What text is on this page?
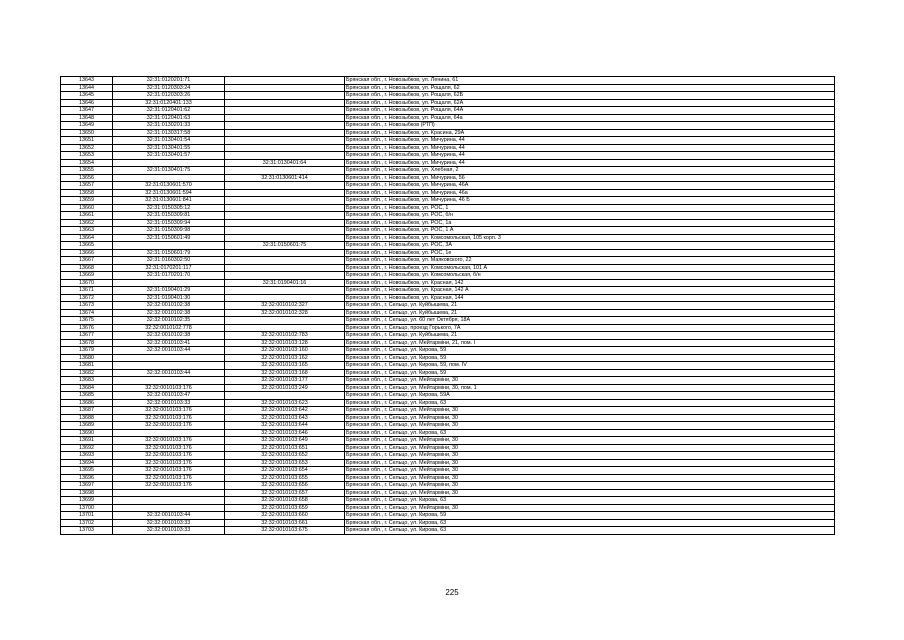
13643	32:31:0120201:71		Брянская обл., г. Новозыбков, ул. Ленина, 61
13644	32:31:0120303:24		Брянская обл., г. Новозыбков, ул. Рощаля, 62
13645	32:31:0120303:26		Брянская обл., г. Новозыбков, ул. Рощаля, 62Б
13646	32:31:0120401:133		Брянская обл., г. Новозыбков, ул. Рощаля, 62А
13647	32:31:0120401:62		Брянская обл., г. Новозыбков, ул. Рощаля, 64А
13648	32:31:0120401:63		Брянская обл., г. Новозыбков, ул. Рощаля, 64а
13649	32:31:0130201:33		Брянская обл., г. Новозыбков (РТП)
13650	32:31:0130317:58		Брянская обл., г. Новозыбков, ул. Красина, 29А
13651	32:31:0130401:54		Брянская обл., г. Новозыбков, ул. Мичурина, 44
13652	32:31:0130401:55		Брянская обл., г. Новозыбков, ул. Мичурина, 44
13653	32:31:0130401:57		Брянская обл., г. Новозыбков, ул. Мичурина, 44
13654		32:31:0130401:64	Брянская обл., г. Новозыбков, ул. Мичурина, 44
13655	32:31:0130401:75		Брянская обл., г. Новозыбков, ул. Хлебная, 2
13656		32:31:0130601:414	Брянская обл., г. Новозыбков, ул. Мичурина, 56
13657	32:31:0130601:570		Брянская обл., г. Новозыбков, ул. Мичурина, 46А
13658	32:31:0130601:594		Брянская обл., г. Новозыбков, ул. Мичурина, 46а
13659	32:31:0130601:841		Брянская обл., г. Новозыбков, ул. Мичурина, 46 Б
13660	32:31:0150305:12		Брянская обл., г. Новозыбков, ул. РОС, 1
13661	32:31:0150309:81		Брянская обл., г. Новозыбков, ул. РОС, б/н
13662	32:31:0150309:94		Брянская обл., г. Новозыбков, ул. РОС, 1а
13663	32:31:0150309:98		Брянская обл., г. Новозыбков, ул. РОС, 1 А
13664	32:31:0150601:49		Брянская обл., г. Новозыбков, ул. Комсомольская, 105 корп. 3
13665		32:31:0150601:75	Брянская обл., г. Новозыбков, ул. РОС, 3А
13666	32:31:0150601:79		Брянская обл., г. Новозыбков, ул. РОС, 1е
13667	32:31:0160302:50		Брянская обл., г. Новозыбков, ул. Маяковского, 22
13668	32:31:0170201:117		Брянская обл., г. Новозыбков, ул. Комсомольская, 101 А
13669	32:31:0170201:70		Брянская обл., г. Новозыбков, ул. Комсомольская, б/н
13670		32:31:0190401:16	Брянская обл., г. Новозыбков, ул. Красная, 142
13671	32:31:0190401:29		Брянская обл., г. Новозыбков, ул. Красная, 142 А
13672	32:31:0190401:30		Брянская обл., г. Новозыбков, ул. Красная, 144
13673	32:32:0010102:38	32:32:0010102:327	Брянская обл., г. Сельцо, ул. Куйбышева, 21
13674	32:32:0010102:38	32:32:0010102:328	Брянская обл., г. Сельцо, ул. Куйбышева, 21
13675	32:32:0010102:35		Брянская обл., г. Сельцо, ул. 60 лет Октября, 18А
13676	32:32:0010102:778		Брянская обл., г. Сельцо, проезд Горького, 7А
13677	32:32:0010102:38	32:32:0010102:783	Брянская обл., г. Сельцо, ул. Куйбышева, 21
13678	32:32:0010103:41	32:32:0010103:128	Брянская обл., г. Сельцо, ул. Мейтарміни, 21, пом. I
13679	32:32:0010103:44	32:32:0010103:160	Брянская обл., г. Сельцо, ул. Кирова, 59
13680		32:32:0010103:162	Брянская обл., г. Сельцо, ул. Кирова, 59
13681		32:32:0010103:165	Брянская обл., г. Сельцо, ул. Кирова, 59, пом. IV
13682	32:32:0010103:44	32:32:0010103:168	Брянская обл., г. Сельцо, ул. Кирова, 59
13683		32:32:0010103:177	Брянская обл., г. Сельцо, ул. Мейтарміни, 30
13684	32:32:0010103:176	32:32:0010103:249	Брянская обл., г. Сельцо, ул. Мейтарміни, 30, пом. 1
13685	32:32:0010103:47		Брянская обл., г. Сельцо, ул. Кирова, 59А
13686	32:32:0010103:33	32:32:0010103:623	Брянская обл., г. Сельцо, ул. Кирова, 63
13687	32:32:0010103:176	32:32:0010103:642	Брянская обл., г. Сельцо, ул. Мейтарміни, 30
13688	32:32:0010103:176	32:32:0010103:643	Брянская обл., г. Сельцо, ул. Мейтарміни, 30
13689	32:32:0010103:176	32:32:0010103:644	Брянская обл., г. Сельцо, ул. Мейтарміни, 30
13690		32:32:0010103:646	Брянская обл., г. Сельцо, ул. Кирова, 63
13691	32:32:0010103:176	32:32:0010103:649	Брянская обл., г. Сельцо, ул. Мейтарміни, 30
13692	32:32:0010103:176	32:32:0010103:651	Брянская обл., г. Сельцо, ул. Мейтарміни, 30
13693	32:32:0010103:176	32:32:0010103:652	Брянская обл., г. Сельцо, ул. Мейтарміни, 30
13694	32:32:0010103:176	32:32:0010103:653	Брянская обл., г. Сельцо, ул. Мейтарміни, 30
13695	32:32:0010103:176	32:32:0010103:654	Брянская обл., г. Сельцо, ул. Мейтарміни, 30
13696	32:32:0010103:176	32:32:0010103:655	Брянская обл., г. Сельцо, ул. Мейтарміни, 30
13697	32:32:0010103:176	32:32:0010103:656	Брянская обл., г. Сельцо, ул. Мейтарміни, 30
13698		32:32:0010103:657	Брянская обл., г. Сельцо, ул. Мейтарміни, 30
13699		32:32:0010103:658	Брянская обл., г. Сельцо, ул. Кирова, 63
13700		32:32:0010103:659	Брянская обл., г. Сельцо, ул. Мейтарміни, 30
13701	32:32:0010103:44	32:32:0010103:660	Брянская обл., г. Сельцо, ул. Кирова, 59
13702	32:32:0010103:33	32:32:0010103:661	Брянская обл., г. Сельцо, ул. Кирова, 63
13703	32:32:0010103:33	32:32:0010103:675	Брянская обл., г. Сельцо, ул. Кирова, 63
225
